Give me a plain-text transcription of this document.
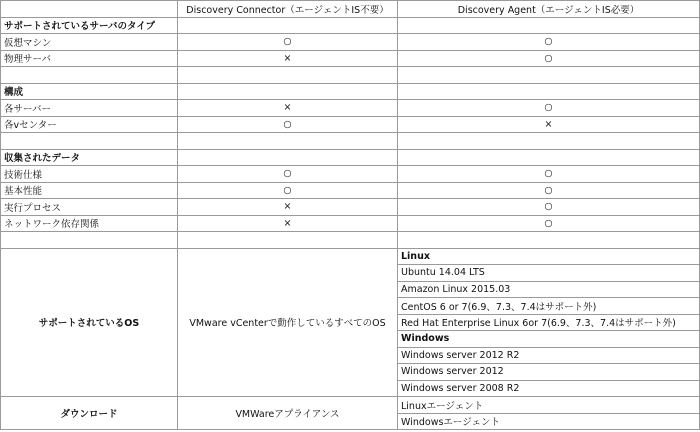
	Discovery Connector（エージェントIS不要）	Discovery Agent（エージェントIS必要）
サポートされているサーバのタイプ		
仮想マシン	○	○
物理サーバ	×	○

構成		
各サーバー	×	○
各vセンター	○	×

収集されたデータ		
技術仕様	○	○
基本性能	○	○
実行プロセス	×	○
ネットワーク依存関係	×	○

サポートされているOS	VMware vCenterで動作しているすべてのOS	Linux
		Ubuntu 14.04 LTS
		Amazon Linux 2015.03
		CentOS 6 or 7(6.9、7.3、7.4はサポート外)
		Red Hat Enterprise Linux 6or 7(6.9、7.3、7.4はサポート外)
		Windows
		Windows server 2012 R2
		Windows server 2012
		Windows server 2008 R2
ダウンロード	VMWareアプライアンス	Linuxエージェント
		Windowsエージェント
